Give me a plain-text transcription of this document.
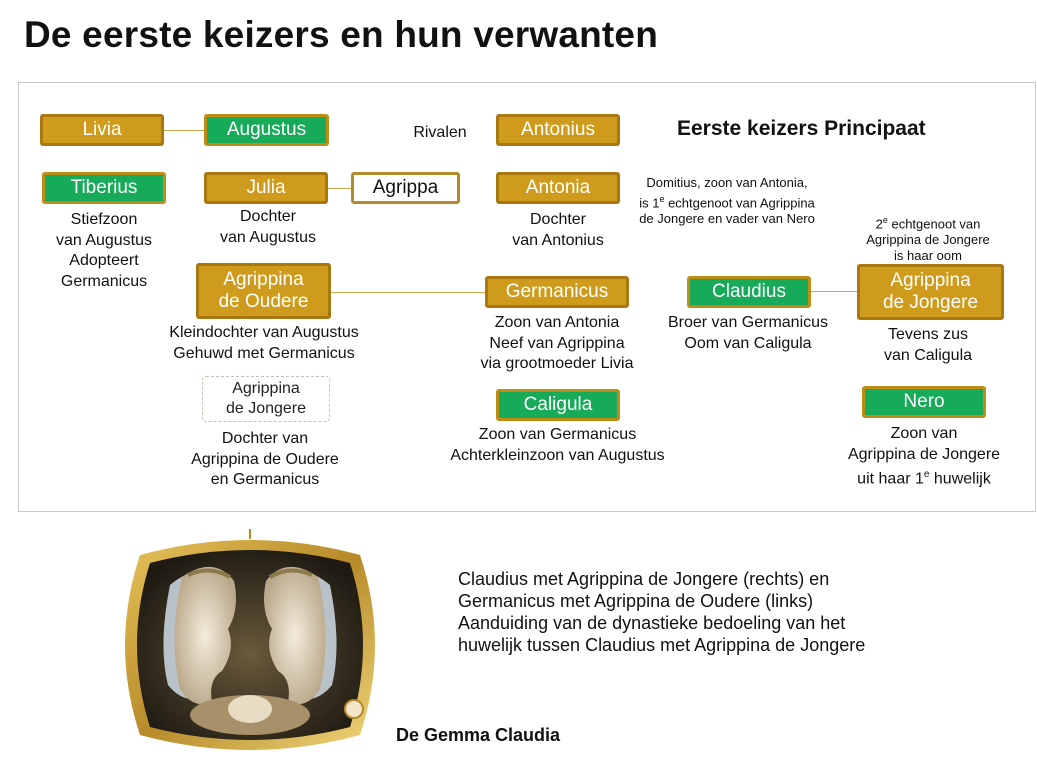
De eerste keizers en hun verwanten
Livia	Augustus	Rivalen	Antonius	Eerste keizers Principaat
Tiberius	Julia	Agrippa	Antonia	Domitius, zoon van Antonia,
is 1e echtgenoot van Agrippina
de Jongere en vader van Nero	2e echtgenoot van
Agrippina de Jongere
is haar oom
Stiefzoon
van Augustus
Adopteert
Germanicus
Dochter
van Augustus
Dochter
van Antonius
Agrippina
de Oudere	Germanicus	Claudius
Agrippina
de Jongere
Kleindochter van Augustus
Gehuwd met Germanicus
Zoon van Antonia
Neef van Agrippina
via grootmoeder Livia
Broer van Germanicus
Oom van Caligula	Tevens zus
van Caligula
Agrippina
de Jongere	Caligula	Nero
Dochter van
Agrippina de Oudere
en Germanicus
Zoon van Germanicus
Achterkleinzoon van Augustus
Zoon van
Agrippina de Jongere
uit haar 1e huwelijk
Claudius met Agrippina de Jongere (rechts) en
Germanicus met Agrippina de Oudere (links)
Aanduiding van de dynastieke bedoeling van het
huwelijk tussen Claudius met Agrippina de Jongere
De Gemma Claudia
